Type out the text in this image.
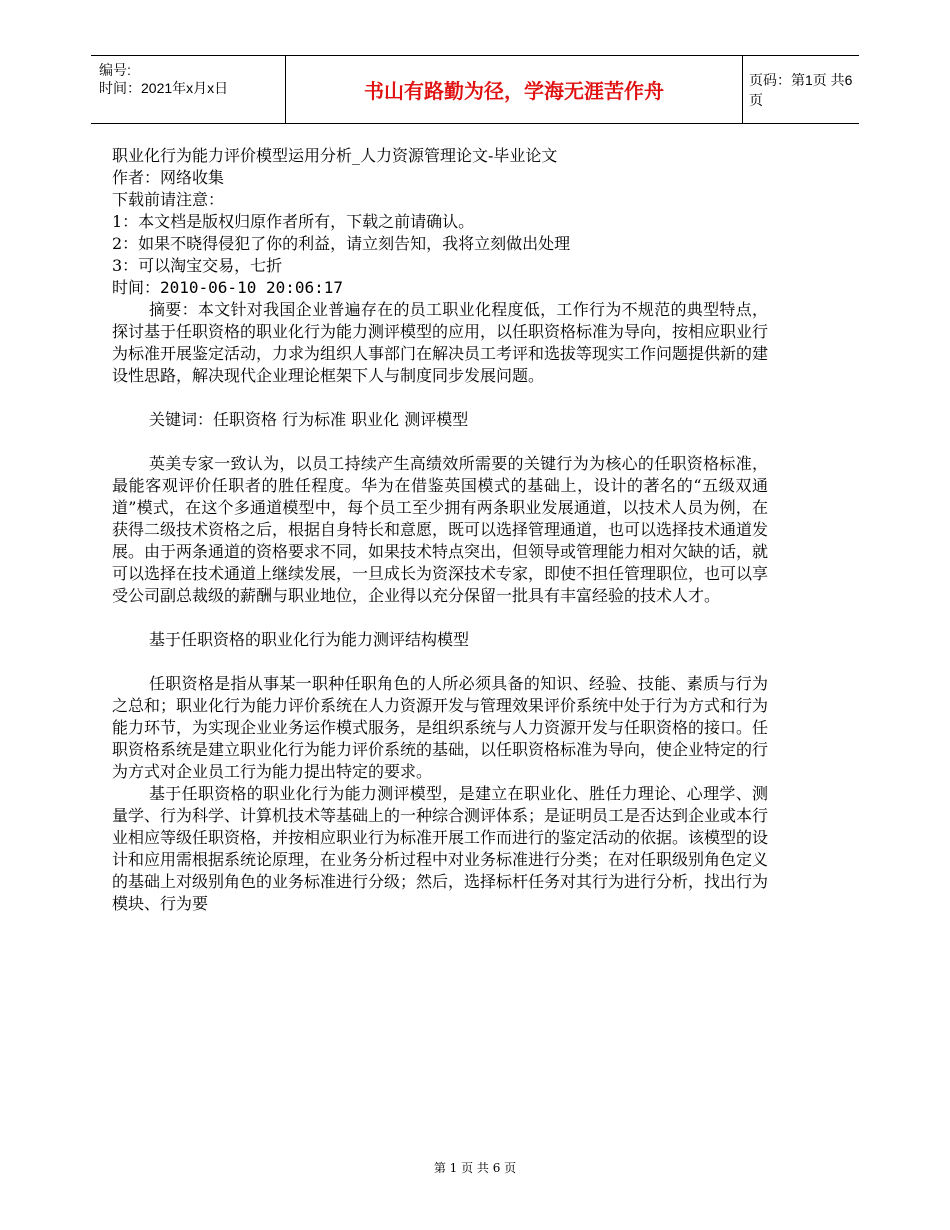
编号:
时间：2021年x月x日	书山有路勤为径，学海无涯苦作舟	页码：第1页 共6页
职业化行为能力评价模型运用分析_人力资源管理论文-毕业论文
作者：网络收集
下载前请注意：
1：本文档是版权归原作者所有，下载之前请确认。
2：如果不晓得侵犯了你的利益，请立刻告知，我将立刻做出处理
3：可以淘宝交易，七折
时间：2010-06-10 20:06:17

摘要：本文针对我国企业普遍存在的员工职业化程度低，工作行为不规范的典型特点，探讨基于任职资格的职业化行为能力测评模型的应用，以任职资格标准为导向，按相应职业行为标准开展鉴定活动，力求为组织人事部门在解决员工考评和选拔等现实工作问题提供新的建设性思路，解决现代企业理论框架下人与制度同步发展问题。

关键词：任职资格 行为标准 职业化 测评模型

英美专家一致认为，以员工持续产生高绩效所需要的关键行为为核心的任职资格标准，最能客观评价任职者的胜任程度。华为在借鉴英国模式的基础上，设计的著名的“五级双通道”模式，在这个多通道模型中，每个员工至少拥有两条职业发展通道，以技术人员为例，在获得二级技术资格之后，根据自身特长和意愿，既可以选择管理通道，也可以选择技术通道发展。由于两条通道的资格要求不同，如果技术特点突出，但领导或管理能力相对欠缺的话，就可以选择在技术通道上继续发展，一旦成长为资深技术专家，即使不担任管理职位，也可以享受公司副总裁级的薪酬与职业地位，企业得以充分保留一批具有丰富经验的技术人才。

基于任职资格的职业化行为能力测评结构模型

任职资格是指从事某一职种任职角色的人所必须具备的知识、经验、技能、素质与行为之总和；职业化行为能力评价系统在人力资源开发与管理效果评价系统中处于行为方式和行为能力环节，为实现企业业务运作模式服务，是组织系统与人力资源开发与任职资格的接口。任职资格系统是建立职业化行为能力评价系统的基础，以任职资格标准为导向，使企业特定的行为方式对企业员工行为能力提出特定的要求。

基于任职资格的职业化行为能力测评模型，是建立在职业化、胜任力理论、心理学、测量学、行为科学、计算机技术等基础上的一种综合测评体系；是证明员工是否达到企业或本行业相应等级任职资格，并按相应职业行为标准开展工作而进行的鉴定活动的依据。该模型的设计和应用需根据系统论原理，在业务分析过程中对业务标准进行分类；在对任职级别角色定义的基础上对级别角色的业务标准进行分级；然后，选择标杆任务对其行为进行分析，找出行为模块、行为要

第 1 页 共 6 页
